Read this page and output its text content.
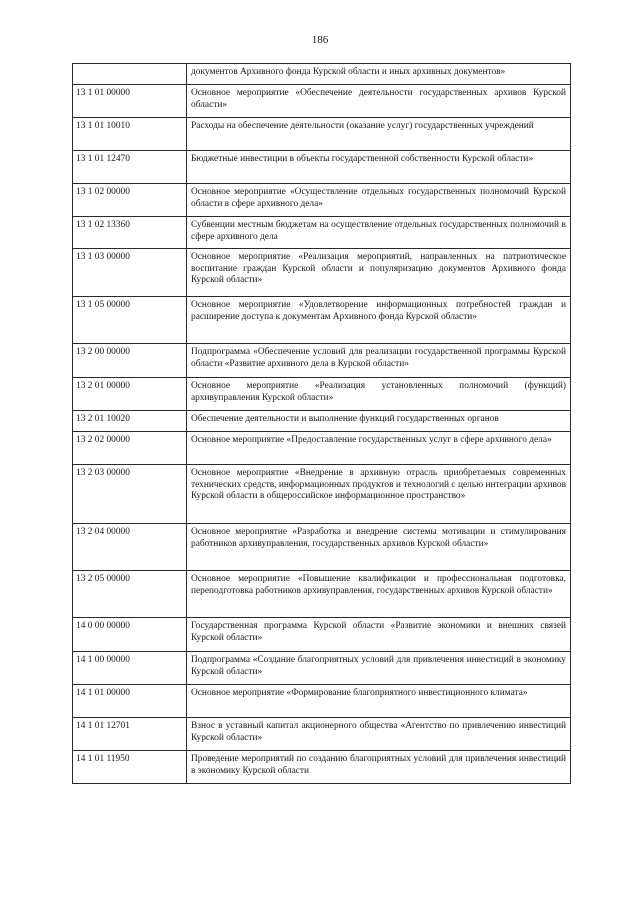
186
	документов Архивного фонда Курской области и иных архивных документов»
13 1 01 00000	Основное мероприятие «Обеспечение деятельности государственных архивов Курской области»
13 1 01 10010	Расходы на обеспечение деятельности (оказание услуг) государственных учреждений
13 1 01 12470	Бюджетные инвестиции в объекты государственной собственности Курской области»
13 1 02 00000	Основное мероприятие «Осуществление отдельных государственных полномочий Курской области в сфере архивного дела»
13 1 02 13360	Субвенции местным бюджетам на осуществление отдельных государственных полномочий в сфере архивного дела
13 1 03 00000	Основное мероприятие «Реализация мероприятий, направленных на патриотическое воспитание граждан Курской области и популяризацию документов Архивного фонда Курской области»
13 1 05 00000	Основное мероприятие «Удовлетворение информационных потребностей граждан и расширение доступа к документам Архивного фонда Курской области»
13 2 00 00000	Подпрограмма «Обеспечение условий для реализации государственной программы Курской области «Развитие архивного дела в Курской области»
13 2 01 00000	Основное мероприятие «Реализация установленных полномочий (функций) архивуправления Курской области»
13 2 01 10020	Обеспечение деятельности и выполнение функций государственных органов
13 2 02 00000	Основное мероприятие «Предоставление государственных услуг в сфере архивного дела»
13 2 03 00000	Основное мероприятие «Внедрение в архивную отрасль приобретаемых современных технических средств, информационных продуктов и технологий с целью интеграции архивов Курской области в общероссийское информационное пространство»
13 2 04 00000	Основное мероприятие «Разработка и внедрение системы мотивации и стимулирования работников архивуправления, государственных архивов Курской области»
13 2 05 00000	Основное мероприятие «Повышение квалификации и профессиональная подготовка, переподготовка работников архивуправления, государственных архивов Курской области»
14 0 00 00000	Государственная программа Курской области «Развитие экономики и внешних связей Курской области»
14 1 00 00000	Подпрограмма «Создание благоприятных условий для привлечения инвестиций в экономику Курской области»
14 1 01 00000	Основное мероприятие «Формирование благоприятного инвестиционного климата»
14 1 01 12701	Взнос в уставный капитал акционерного общества «Агентство по привлечению инвестиций Курской области»
14 1 01 11950	Проведение мероприятий по созданию благоприятных условий для привлечения инвестиций в экономику Курской области
